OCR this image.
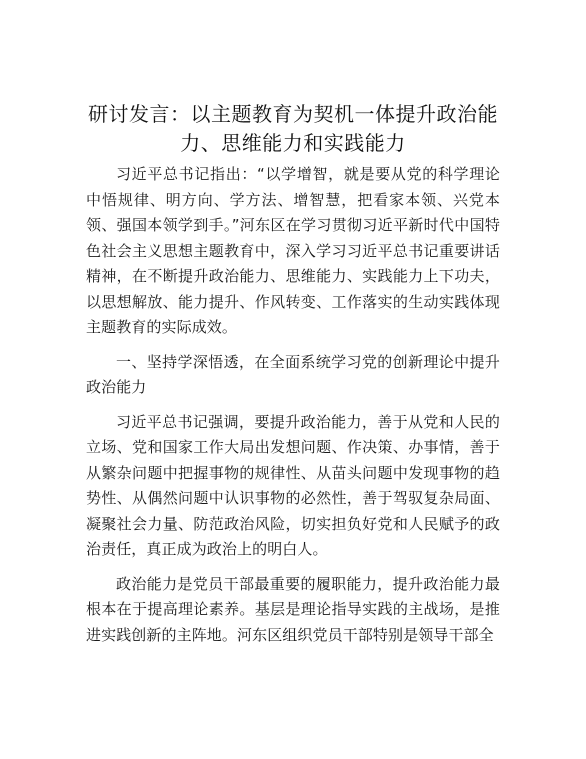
研讨发言：以主题教育为契机一体提升政治能力、思维能力和实践能力

习近平总书记指出：“以学增智，就是要从党的科学理论中悟规律、明方向、学方法、增智慧，把看家本领、兴党本领、强国本领学到手。”河东区在学习贯彻习近平新时代中国特色社会主义思想主题教育中，深入学习习近平总书记重要讲话精神，在不断提升政治能力、思维能力、实践能力上下功夫，以思想解放、能力提升、作风转变、工作落实的生动实践体现主题教育的实际成效。

一、坚持学深悟透，在全面系统学习党的创新理论中提升政治能力

习近平总书记强调，要提升政治能力，善于从党和人民的立场、党和国家工作大局出发想问题、作决策、办事情，善于从繁杂问题中把握事物的规律性、从苗头问题中发现事物的趋势性、从偶然问题中认识事物的必然性，善于驾驭复杂局面、凝聚社会力量、防范政治风险，切实担负好党和人民赋予的政治责任，真正成为政治上的明白人。

政治能力是党员干部最重要的履职能力，提升政治能力最根本在于提高理论素养。基层是理论指导实践的主战场，是推进实践创新的主阵地。河东区组织党员干部特别是领导干部全
